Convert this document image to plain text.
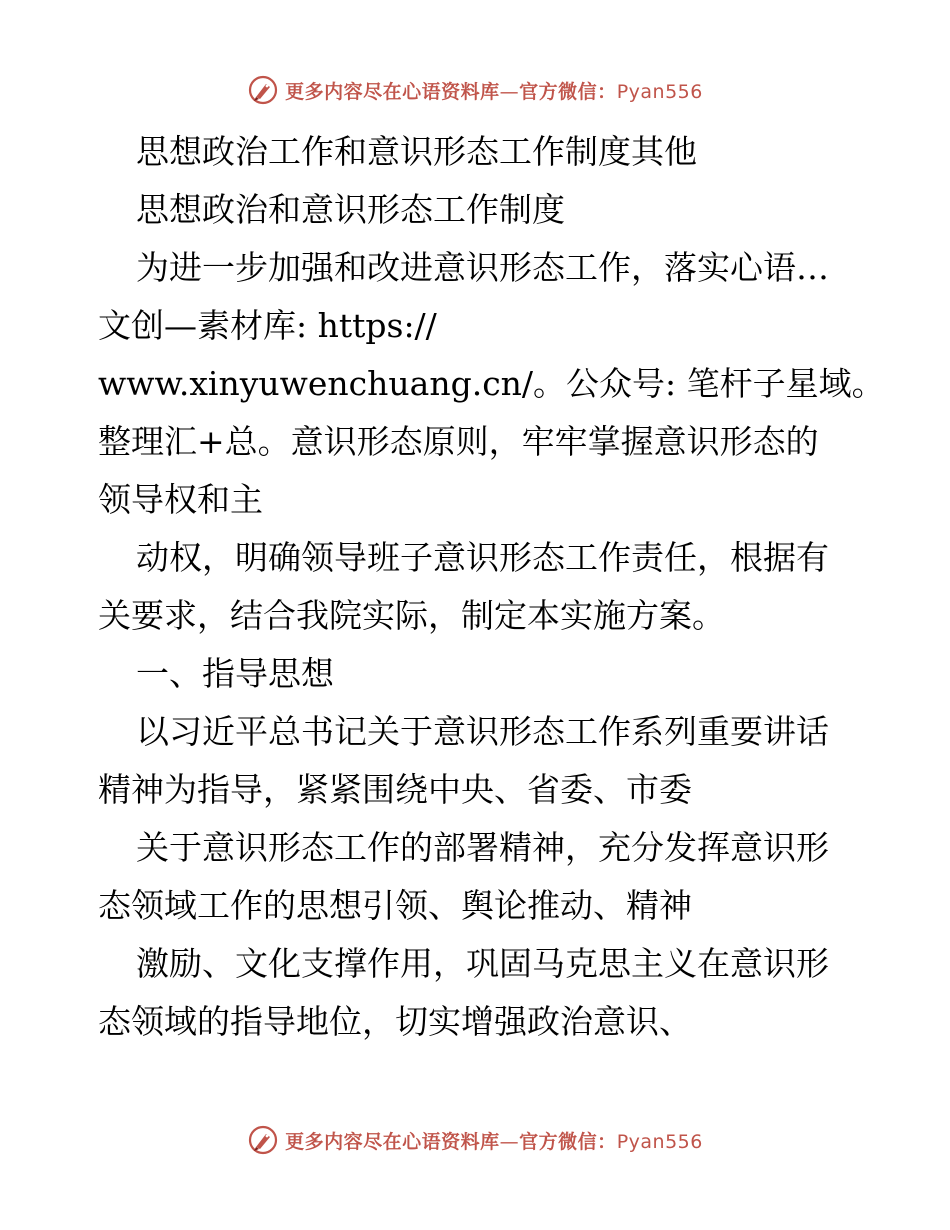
更多内容尽在心语资料库—官方微信：Pyan556
思想政治工作和意识形态工作制度其他
思想政治和意识形态工作制度
为进一步加强和改进意识形态工作，落实心语…
文创—素材库: https://
www.xinyuwenchuang.cn/。公众号: 笔杆子星域。
整理汇+总。意识形态原则，牢牢掌握意识形态的
领导权和主
动权，明确领导班子意识形态工作责任，根据有
关要求，结合我院实际，制定本实施方案。
一、指导思想
以习近平总书记关于意识形态工作系列重要讲话
精神为指导，紧紧围绕中央、省委、市委
关于意识形态工作的部署精神，充分发挥意识形
态领域工作的思想引领、舆论推动、精神
激励、文化支撑作用，巩固马克思主义在意识形
态领域的指导地位，切实增强政治意识、
更多内容尽在心语资料库—官方微信：Pyan556
